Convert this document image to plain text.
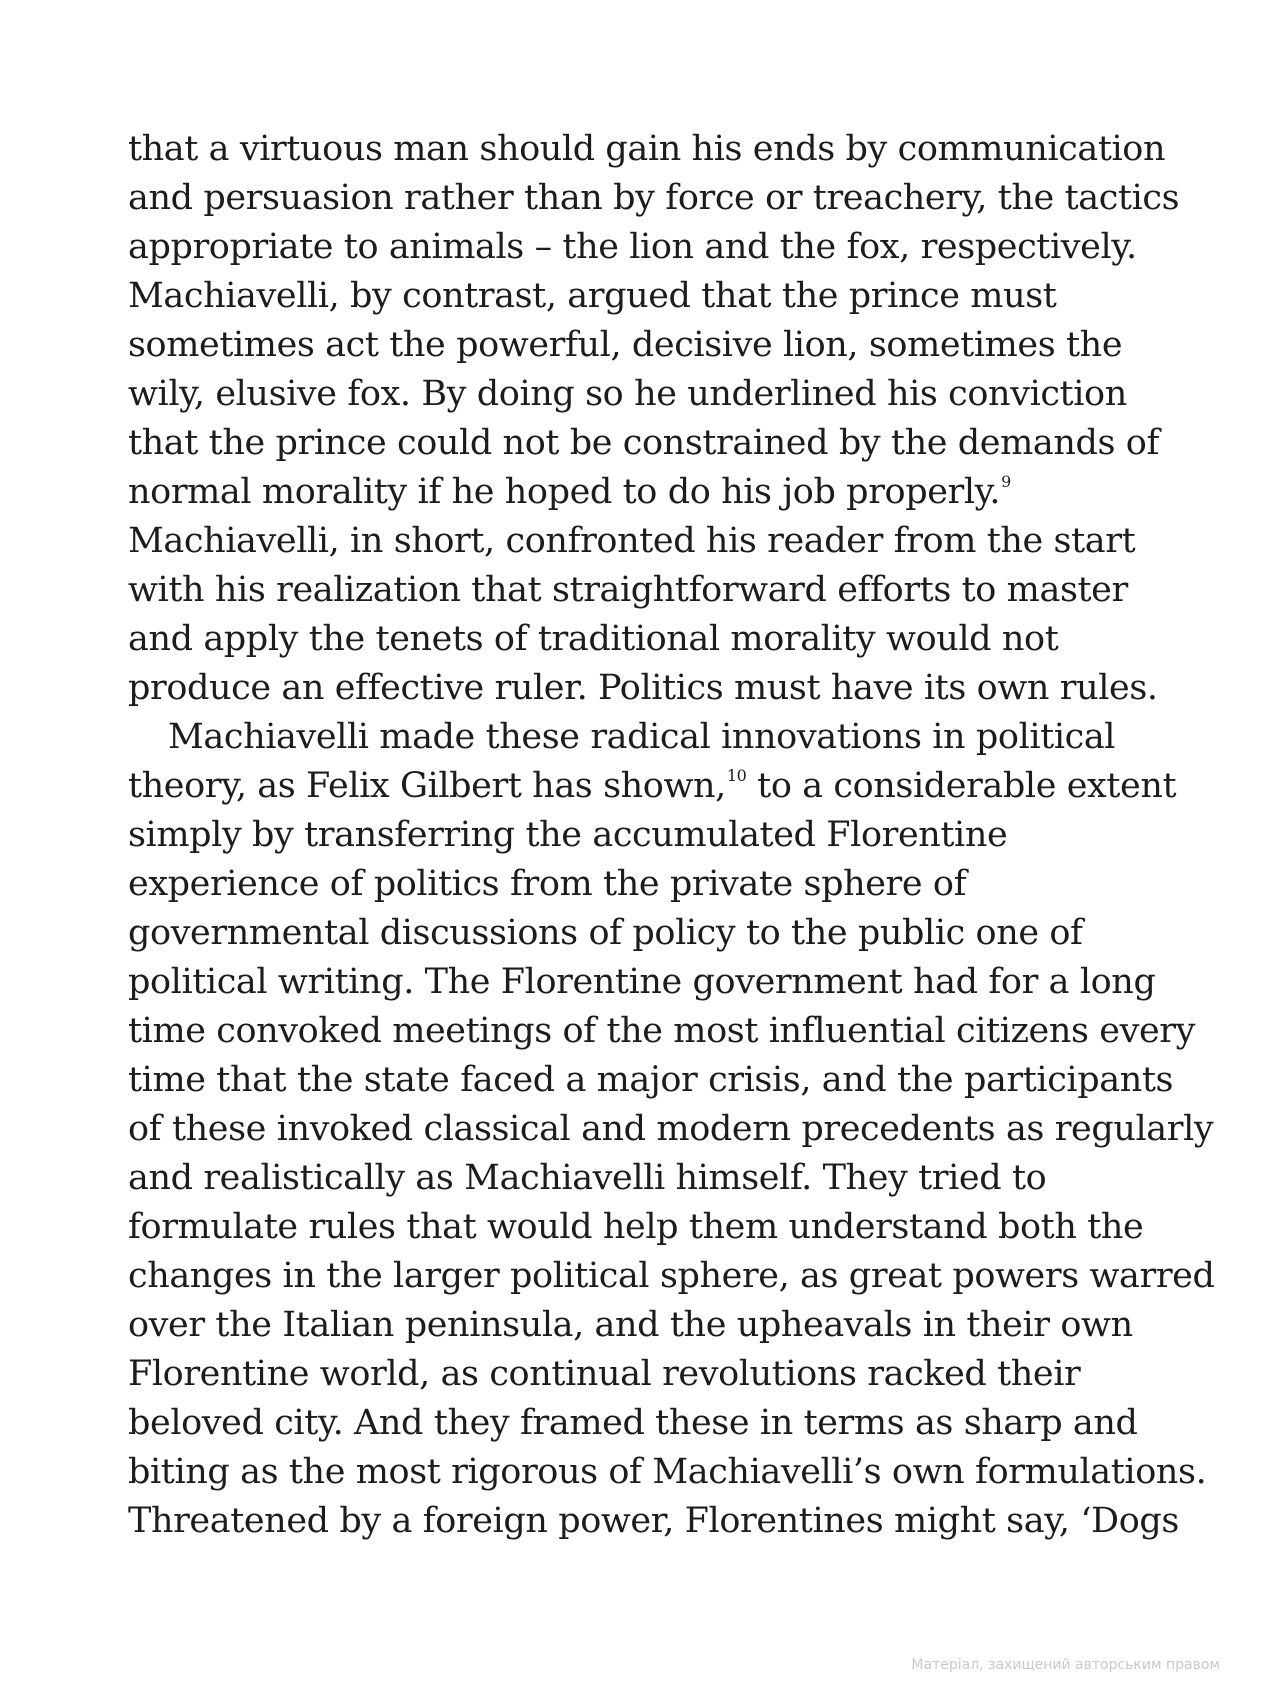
that a virtuous man should gain his ends by communication
and persuasion rather than by force or treachery, the tactics
appropriate to animals – the lion and the fox, respectively.
Machiavelli, by contrast, argued that the prince must
sometimes act the powerful, decisive lion, sometimes the
wily, elusive fox. By doing so he underlined his conviction
that the prince could not be constrained by the demands of
normal morality if he hoped to do his job properly.$^9$
Machiavelli, in short, confronted his reader from the start
with his realization that straightforward efforts to master
and apply the tenets of traditional morality would not
produce an effective ruler. Politics must have its own rules.
Machiavelli made these radical innovations in political
theory, as Felix Gilbert has shown,$^{10}$ to a considerable extent
simply by transferring the accumulated Florentine
experience of politics from the private sphere of
governmental discussions of policy to the public one of
political writing. The Florentine government had for a long
time convoked meetings of the most influential citizens every
time that the state faced a major crisis, and the participants
of these invoked classical and modern precedents as regularly
and realistically as Machiavelli himself. They tried to
formulate rules that would help them understand both the
changes in the larger political sphere, as great powers warred
over the Italian peninsula, and the upheavals in their own
Florentine world, as continual revolutions racked their
beloved city. And they framed these in terms as sharp and
biting as the most rigorous of Machiavelli’s own formulations.
Threatened by a foreign power, Florentines might say, ‘Dogs
Матеріал, захищений авторським правом
